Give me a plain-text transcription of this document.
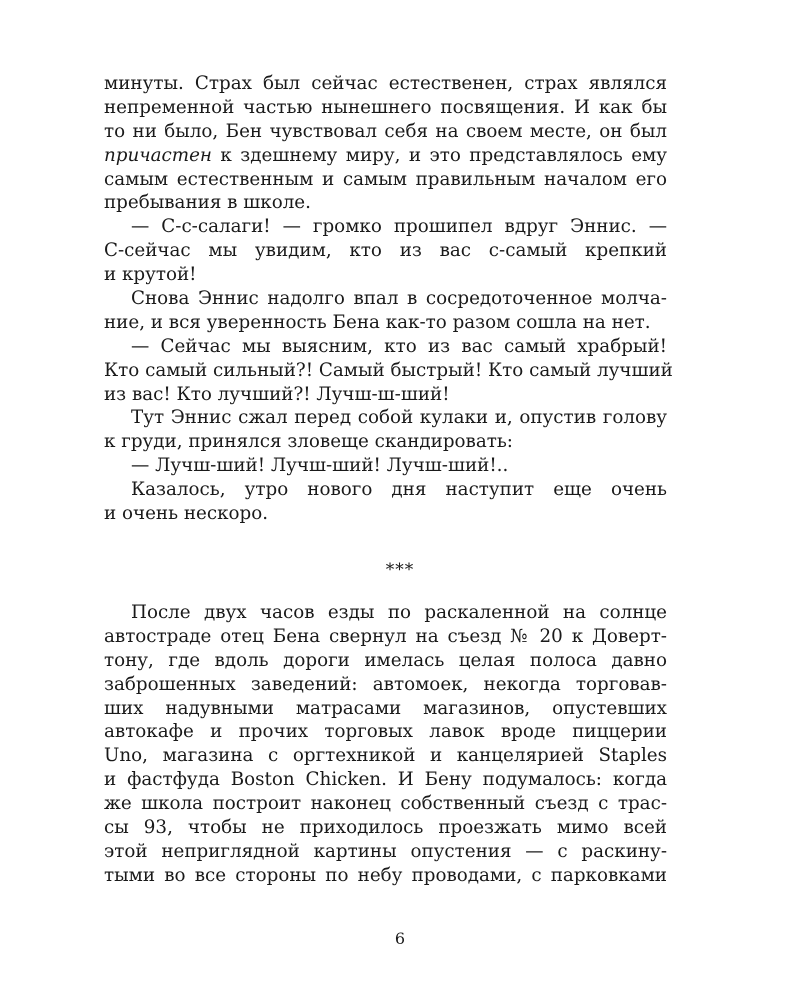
минуты. Страх был сейчас естественен, страх являлся
непременной частью нынешнего посвящения. И как бы
то ни было, Бен чувствовал себя на своем месте, он был
причастен к здешнему миру, и это представлялось ему
самым естественным и самым правильным началом его
пребывания в школе.
— С-с-салаги! — громко прошипел вдруг Эннис. —
С-сейчас мы увидим, кто из вас с-самый крепкий
и крутой!
Снова Эннис надолго впал в сосредоточенное молча-
ние, и вся уверенность Бена как-то разом сошла на нет.
— Сейчас мы выясним, кто из вас самый храбрый!
Кто самый сильный?! Самый быстрый! Кто самый лучший
из вас! Кто лучший?! Лучш-ш-ший!
Тут Эннис сжал перед собой кулаки и, опустив голову
к груди, принялся зловеще скандировать:
— Лучш-ший! Лучш-ший! Лучш-ший!..
Казалось, утро нового дня наступит еще очень
и очень нескоро.
***
После двух часов езды по раскаленной на солнце
автостраде отец Бена свернул на съезд № 20 к Доверт-
тону, где вдоль дороги имелась целая полоса давно
заброшенных заведений: автомоек, некогда торговав-
ших надувными матрасами магазинов, опустевших
автокафе и прочих торговых лавок вроде пиццерии
Uno, магазина с оргтехникой и канцелярией Staples
и фастфуда Boston Chicken. И Бену подумалось: когда
же школа построит наконец собственный съезд с трас-
сы 93, чтобы не приходилось проезжать мимо всей
этой неприглядной картины опустения — с раскину-
тыми во все стороны по небу проводами, с парковками
6
